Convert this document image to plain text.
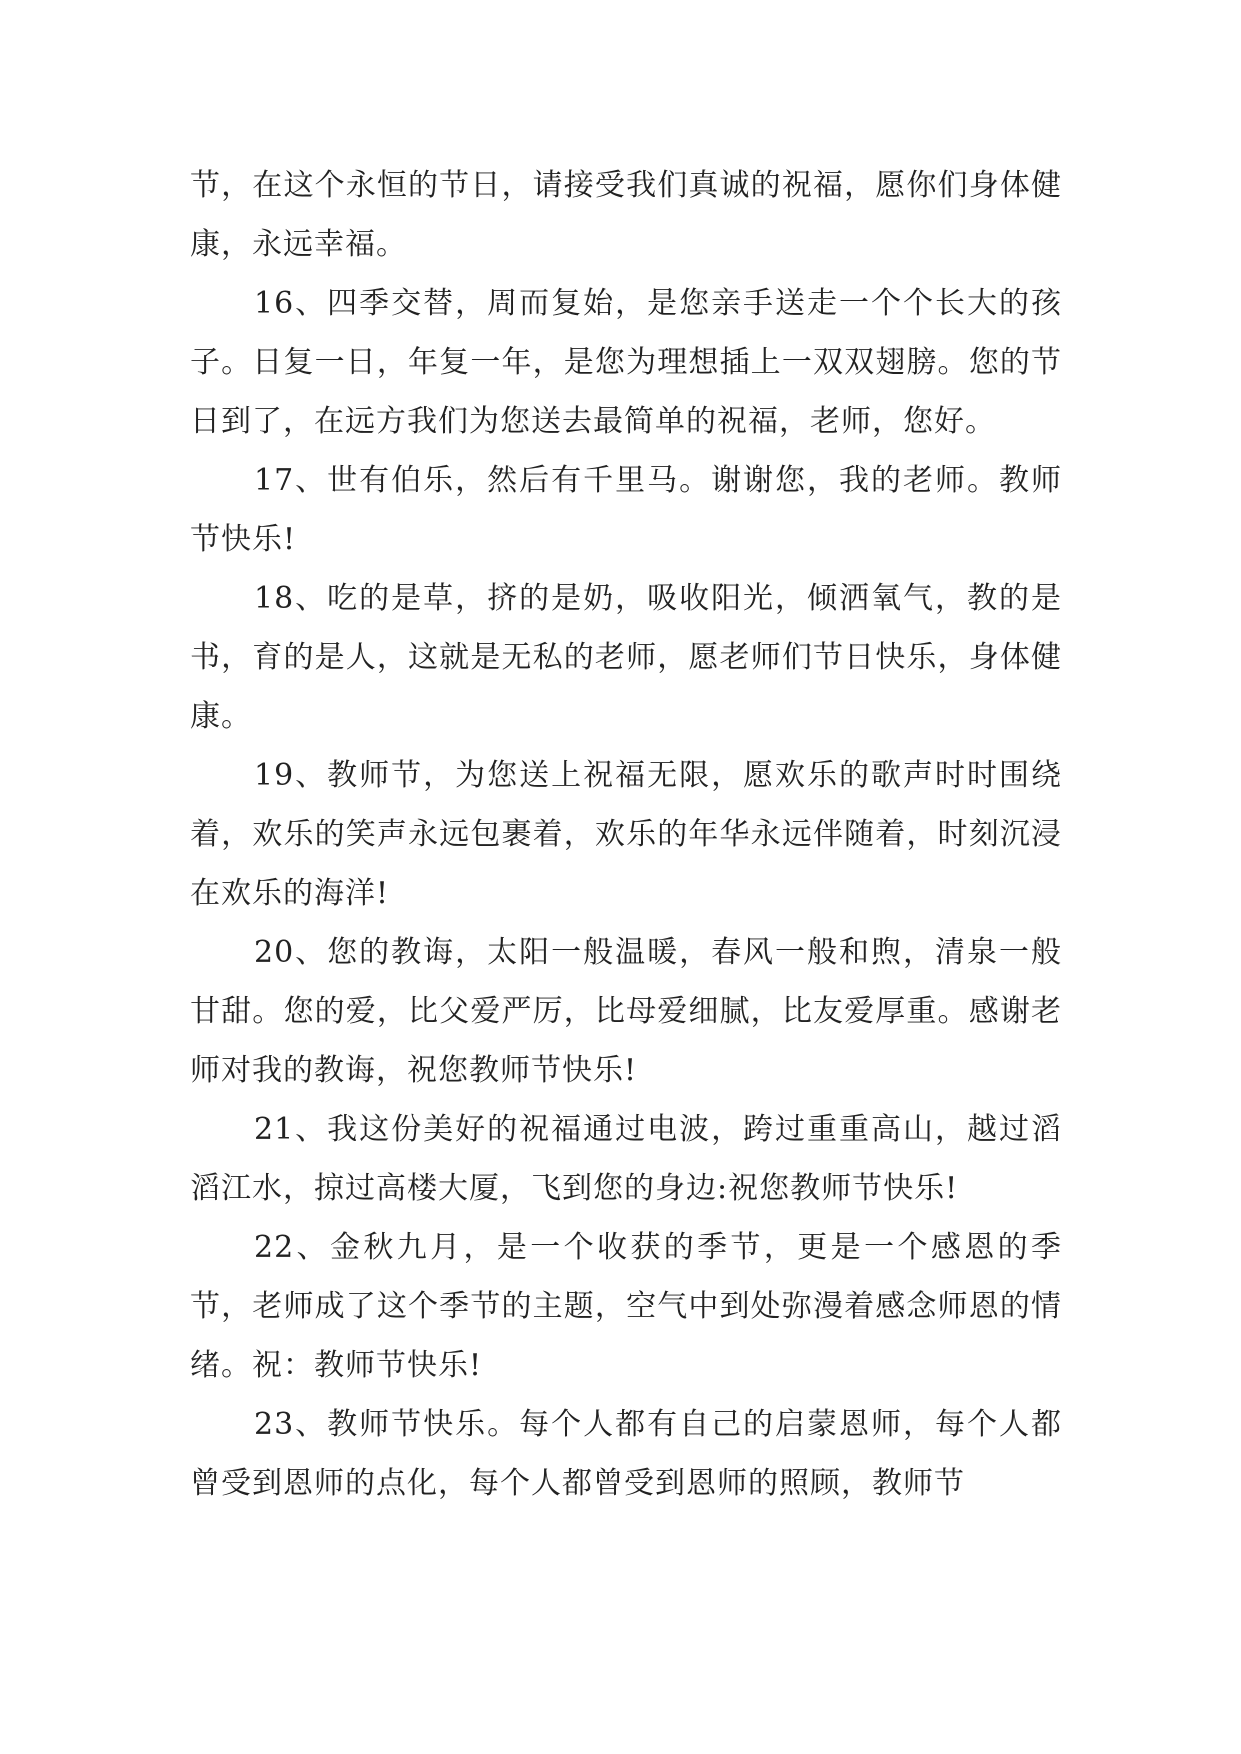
节，在这个永恒的节日，请接受我们真诚的祝福，愿你们身体健康，永远幸福。

16、四季交替，周而复始，是您亲手送走一个个长大的孩子。日复一日，年复一年，是您为理想插上一双双翅膀。您的节日到了，在远方我们为您送去最简单的祝福，老师，您好。

17、世有伯乐，然后有千里马。谢谢您，我的老师。教师节快乐!

18、吃的是草，挤的是奶，吸收阳光，倾洒氧气，教的是书，育的是人，这就是无私的老师，愿老师们节日快乐，身体健康。

19、教师节，为您送上祝福无限，愿欢乐的歌声时时围绕着，欢乐的笑声永远包裹着，欢乐的年华永远伴随着，时刻沉浸在欢乐的海洋!

20、您的教诲，太阳一般温暖，春风一般和煦，清泉一般甘甜。您的爱，比父爱严厉，比母爱细腻，比友爱厚重。感谢老师对我的教诲，祝您教师节快乐!

21、我这份美好的祝福通过电波，跨过重重高山，越过滔滔江水，掠过高楼大厦，飞到您的身边:祝您教师节快乐!

22、金秋九月，是一个收获的季节，更是一个感恩的季节，老师成了这个季节的主题，空气中到处弥漫着感念师恩的情绪。祝：教师节快乐!

23、教师节快乐。每个人都有自己的启蒙恩师，每个人都曾受到恩师的点化，每个人都曾受到恩师的照顾，教师节
